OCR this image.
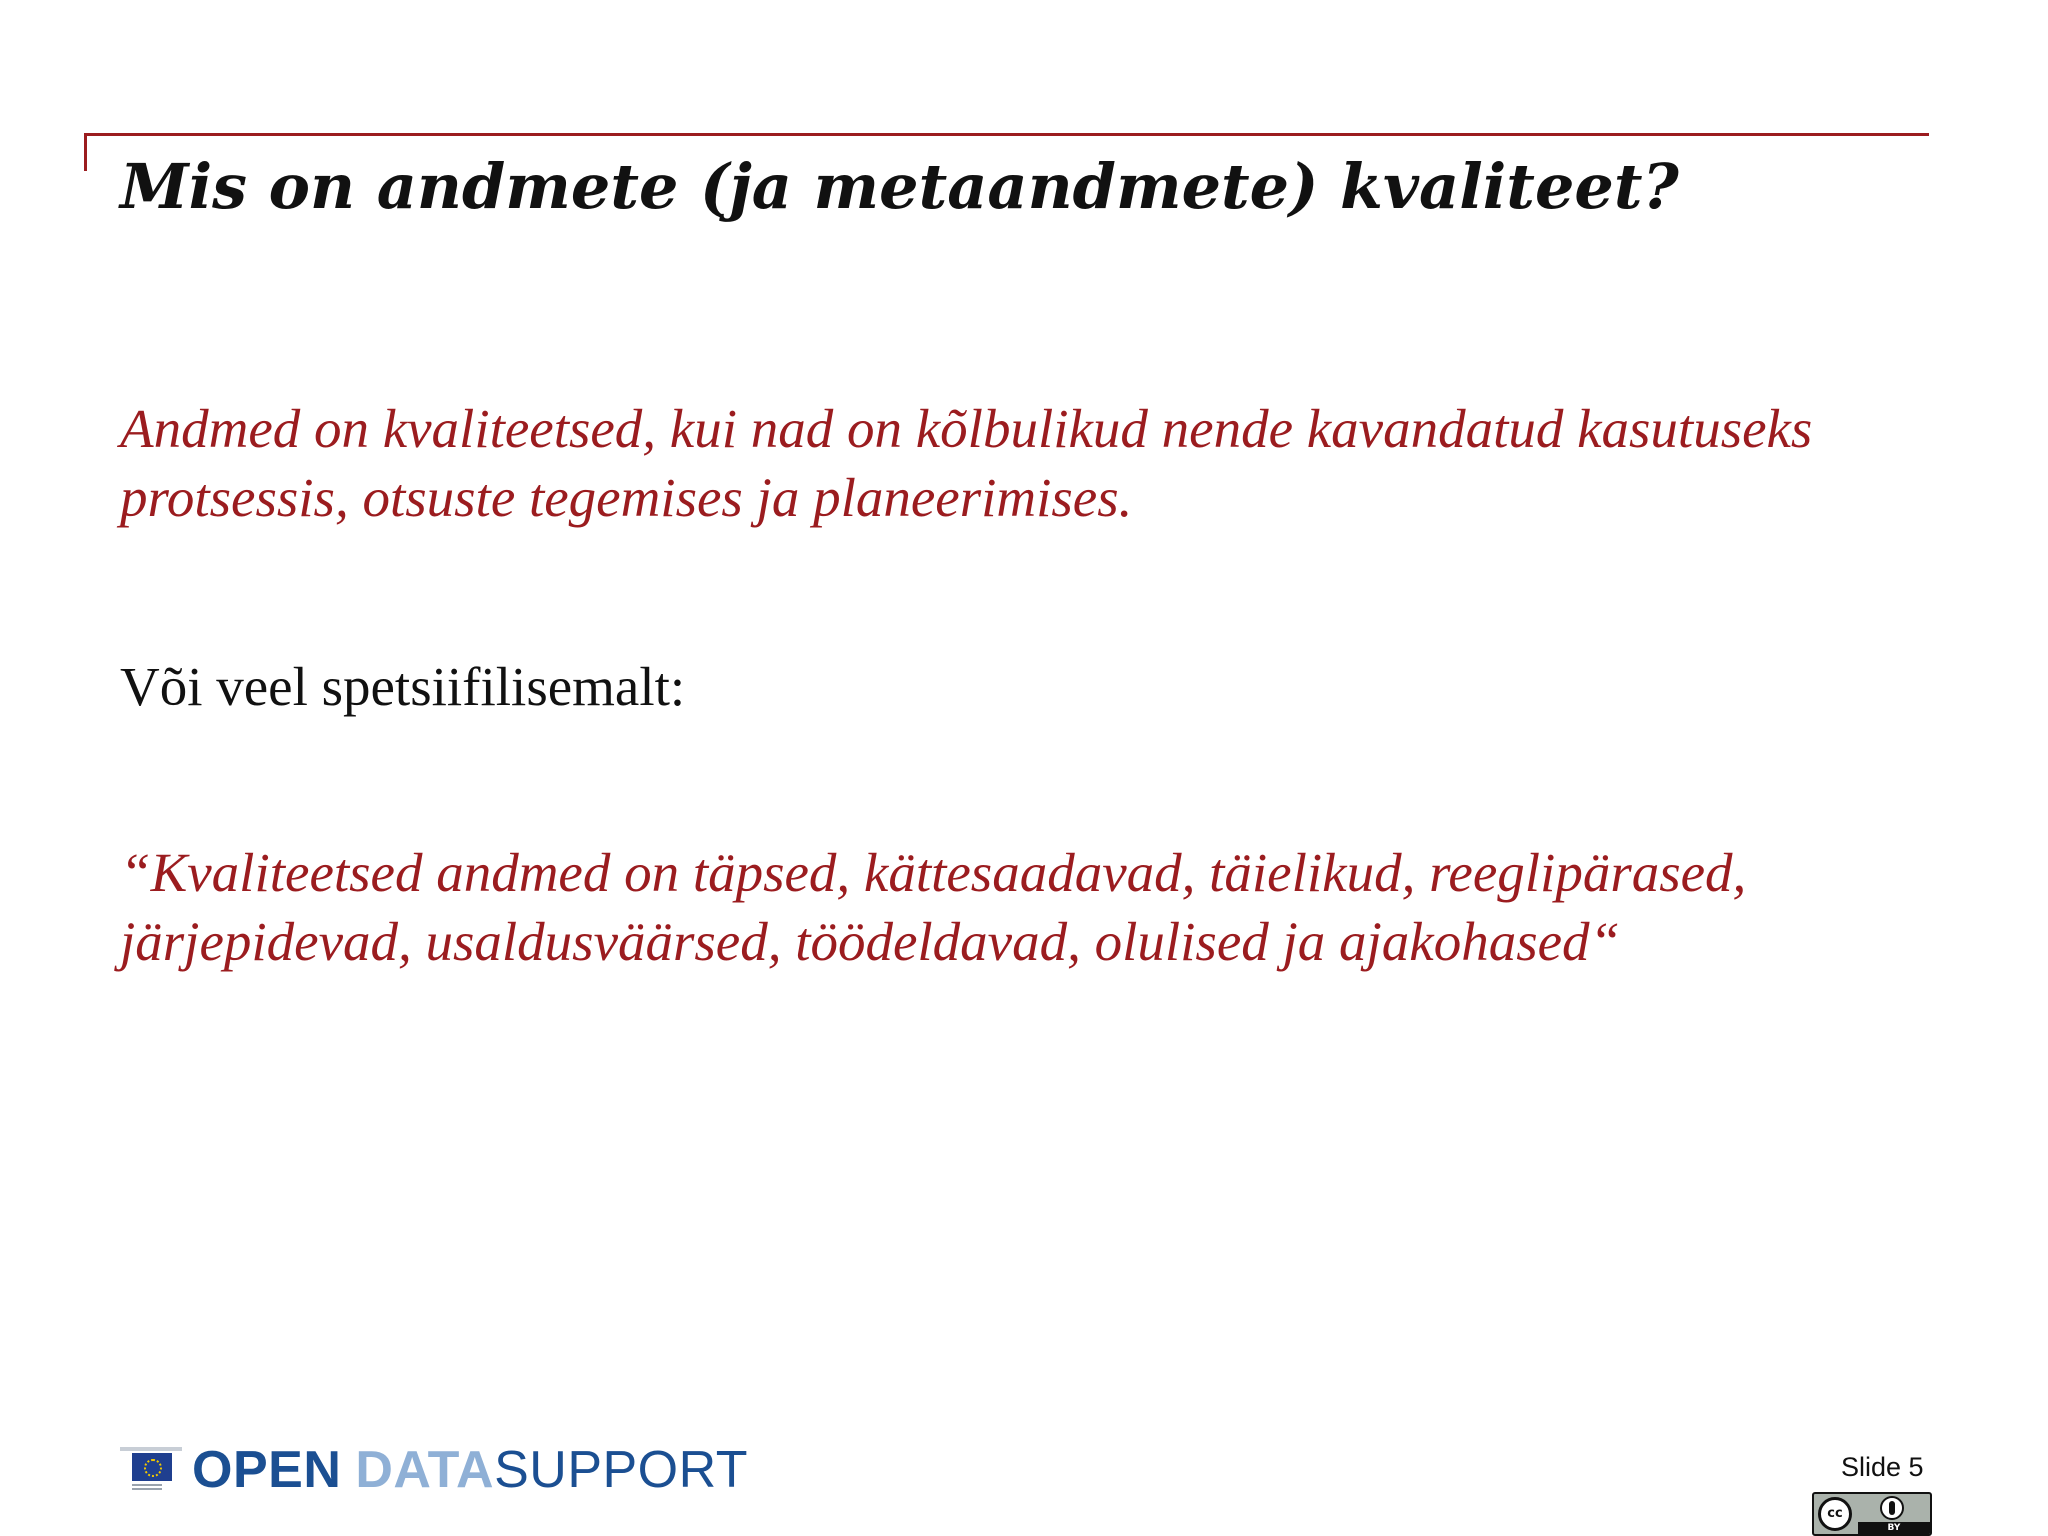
Mis on andmete (ja metaandmete) kvaliteet?

Andmed on kvaliteetsed, kui nad on kõlbulikud nende kavandatud kasutuseks protsessis, otsuste tegemises ja planeerimises.

Või veel spetsiifilisemalt:

“Kvaliteetsed andmed on täpsed, kättesaadavad, täielikud, reeglipärased, järjepidevad, usaldusväärsed, töödeldavad, olulised ja ajakohased“

OPEN DATA SUPPORT	Slide 5
cc
BY
